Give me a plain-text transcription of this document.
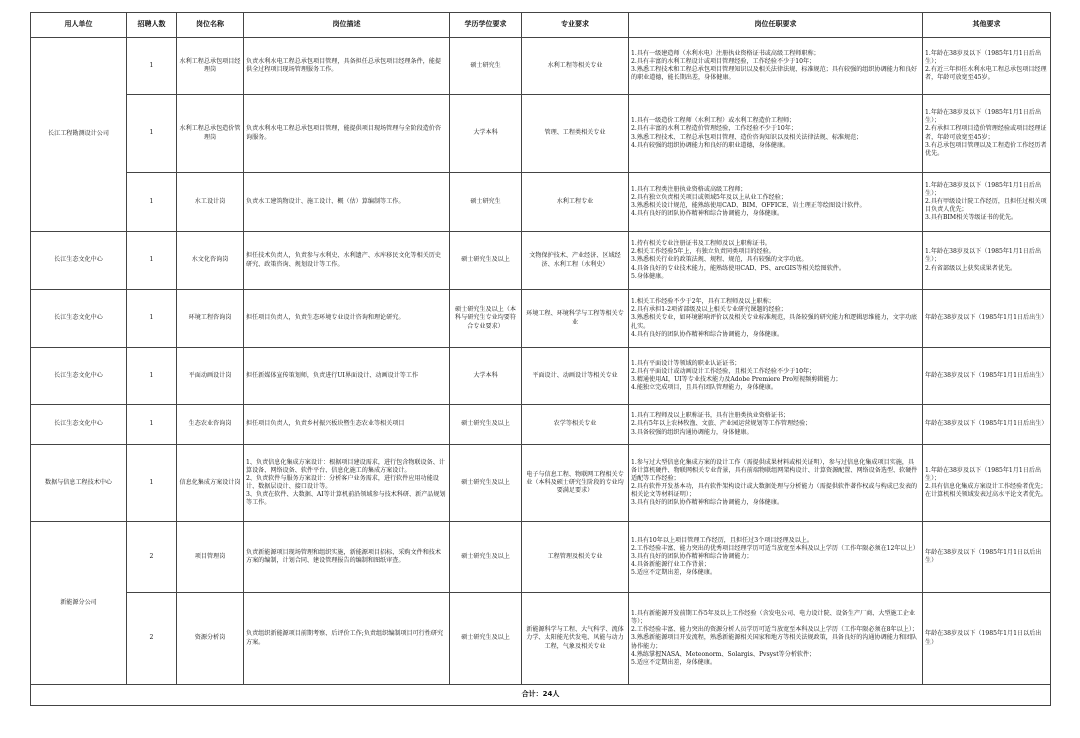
用人单位	招聘人数	岗位名称	岗位描述	学历学位要求	专业要求	岗位任职要求	其他要求
长江工程勘测设计公司	1	水利工程总承包项目经理岗	负责水利水电工程总承包项目管理，具备担任总承包项目经理条件，能提供全过程项目现场管理服务工作。	硕士研究生	水利工程等相关专业	1.具有一级建造师（水利水电）注册执业资格证书或高级工程师职称；
2.具有丰富的水利工程设计或项目管理经验，工作经验不少于10年；
3.熟悉工程技术和工程总承包项目管理知识以及相关法律法规、标准规范；具有较强的组织协调能力和良好的职业道德，能长期出差，身体健康。	1.年龄在38岁及以下（1985年1月1日后出生）；
2.有近三年担任水利水电工程总承包项目经理者，年龄可放宽至45岁。
	1	水利工程总承包造价管理岗	负责水利水电工程总承包项目管理，能提供项目现场管理与全阶段造价咨询服务。	大学本科	管理、工程类相关专业	1.具有一级造价工程师（水利工程）或水利工程造价工程师；
2.具有丰富的水利工程造价管理经验，工作经验不少于10年；
3.熟悉工程技术、工程总承包项目管理、造价咨询知识以及相关法律法规、标准规范；
4.具有较强的组织协调能力和良好的职业道德，身体健康。	1.年龄在38岁及以下（1985年1月1日后出生）；
2.有承担工程项目造价管理经验或项目经理证者，年龄可放宽至45岁；
3.有总承包项目管理以及工程造价工作经历者优先。
	1	水工设计岗	负责水工建筑物设计、施工设计、概（估）算编制等工作。	硕士研究生	水利工程专业	1.具有工程类注册执业资格或高级工程师；
2.具有独立负责相关项目或领域5年及以上从业工作经验；
3.熟悉相关设计规范，能熟练使用CAD、BIM、OFFICE、岩土理正等绘图设计软件。
4.具有良好的团队协作精神和综合协调能力，身体健康。	1.年龄在38岁及以下（1985年1月1日后出生）；
2.具有甲级设计院工作经历，且担任过相关项目负责人优先；
3.具有BIM相关等级证书的优先。
长江生态文化中心	1	水文化咨询岗	担任技术负责人，负责参与水利史、水利遗产、水库移民文化等相关历史研究、政策咨询、规划设计等工作。	硕士研究生及以上	文物保护技术、产业经济、区域经济、水利工程（水利史）	1.持有相关专业注册证书及工程师及以上职称证书。
2.相关工作经验5年上，有独立负责同类项目的经验。
3.熟悉相关行业的政策法规、规程、规范，具有较强的文字功底。
4.具备良好的专业技术能力，能熟练使用CAD、PS、arcGIS等相关绘图软件。
5.身体健康。	1.年龄在38岁及以下（1985年1月1日后出生）；
2.有省部级以上获奖成果者优先。
长江生态文化中心	1	环境工程咨询岗	担任项目负责人，负责生态环境专业设计咨询和理论研究。	硕士研究生及以上（本科与研究生专业均要符合专业要求）	环境工程、环境科学与工程等相关专业	1.相关工作经验不少于2年，具有工程师及以上职称；
2.具有承担1-2项省部级及以上相关专业研究课题的经验；
3.熟悉相关专业，如环境影响评价以及相关专业标准规范，具备较强的研究能力和逻辑思维能力，文字功底扎实。
4.具有良好的团队协作精神和综合协调能力，身体健康。	年龄在38岁及以下（1985年1月1日后出生）
长江生态文化中心	1	平面动画设计岗	担任新媒体宣传策划师，负责进行UI界面设计、动画设计等工作	大学本科	平面设计、动画设计等相关专业	1.具有平面设计等领域的职业认证证书；
2.具有平面设计或动画设计工作经验，且相关工作经验不少于10年；
3.精通使用AI，UI等专业技术能力及Adobe Premiere Pro短视频剪辑能力；
4.能独立完成项目，且具有团队管理能力，身体健康。	年龄在38岁及以下（1985年1月1日后出生）
长江生态文化中心	1	生态农业咨询岗	担任项目负责人，负责乡村振兴板块暨生态农业等相关项目	硕士研究生及以上	农学等相关专业	1.具有工程师及以上职称证书，具有注册类执业资格证书；
2.具有5年以上农林牧渔、文旅、产业园运营规划等工作管理经验；
3.具备较强的组织沟通协调能力，身体健康。	年龄在38岁及以下（1985年1月1日后出生）
数据与信息工程技术中心	1	信息化集成方案设计岗	1、负责信息化集成方案设计：根据项目建设需求，进行包含物联设备、计算设备、网络设备、软件平台、信息化施工的集成方案设计。
2、负责软件与服务方案设计：分析客户业务需求，进行软件应用功能设计、数据层设计、接口设计等。
3、负责在软件、大数据、AI等计算机前沿领域参与技术科研、新产品规划等工作。	硕士研究生及以上	电子与信息工程、物联网工程相关专业（本科及硕士研究生阶段的专业均要满足要求）	1.参与过大型信息化集成方案的设计工作（需提供成果材料或相关证明），参与过信息化集成项目实施，具备计算机硬件、物联网相关专业背景，具有前端物联组网架构设计、计算资源配置、网络设备选型、软硬件适配等工作经验；
2.具有软件开发基本功，具有软件架构设计或大数据处理与分析能力（需提供软件著作权或与构成已发表的相关论文等材料证明）；
3.具有良好的团队协作精神和综合协调能力，身体健康。	1.年龄在38岁及以下（1985年1月1日后出生）；
2.具有信息化集成方案设计工作经验者优先；在计算机相关领域发表过高水平论文者优先。
新能源分公司	2	项目管理岗	负责新能源项目现场管理和组织实施，新能源项目招标、采购文件和技术方案的编制，计划合同、建设管理报告的编制和图纸审查。	硕士研究生及以上	工程管理及相关专业	1.具有10年以上项目管理工作经历，且担任过3个项目经理及以上。
2.工作经验丰富、能力突出的优秀项目经理学历可适当放宽至本科及以上学历（工作年限必须在12年以上）
3.具有良好的团队协作精神和综合协调能力；
4.具备新能源行业工作背景；
5.适应不定期出差，身体健康。	年龄在38岁及以下（1985年1月1日以后出生）
	2	资源分析岗	负责组织新能源项目前期考察、后评价工作;负责组织编制项目可行性研究方案。	硕士研究生及以上	新能源科学与工程、大气科学、流体力学、太阳能光伏发电、风能与动力工程，气象及相关专业	1.具有新能源开发前期工作5年及以上工作经验（含发电公司、电力设计院、设备生产厂商、大型施工企业等）；
2.工作经验丰富、能力突出的资源分析人员学历可适当放宽至本科及以上学历（工作年限必须在8年以上）；
3.熟悉新能源项目开发流程，熟悉新能源相关国家和地方等相关法规政策，具备良好的沟通协调能力和团队协作能力；
4.熟练掌握NASA、Meteonorm、Solargis、Pvsyst等分析软件；
5.适应不定期出差，身体健康。	年龄在38岁及以下（1985年1月1日以后出生）
合计：24人							
